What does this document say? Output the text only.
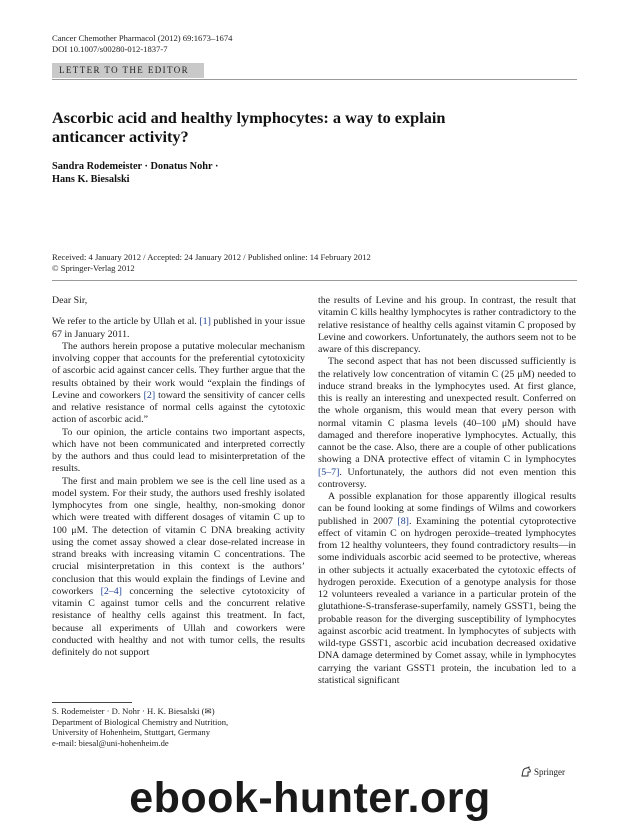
Cancer Chemother Pharmacol (2012) 69:1673–1674
DOI 10.1007/s00280-012-1837-7
LETTER TO THE EDITOR
Ascorbic acid and healthy lymphocytes: a way to explain anticancer activity?
Sandra Rodemeister · Donatus Nohr ·
Hans K. Biesalski
Received: 4 January 2012 / Accepted: 24 January 2012 / Published online: 14 February 2012
© Springer-Verlag 2012

Dear Sir,

We refer to the article by Ullah et al. [1] published in your issue 67 in January 2011.

The authors herein propose a putative molecular mechanism involving copper that accounts for the preferential cytotoxicity of ascorbic acid against cancer cells. They further argue that the results obtained by their work would “explain the findings of Levine and coworkers [2] toward the sensitivity of cancer cells and relative resistance of normal cells against the cytotoxic action of ascorbic acid.”

To our opinion, the article contains two important aspects, which have not been communicated and interpreted correctly by the authors and thus could lead to misinterpretation of the results.

The first and main problem we see is the cell line used as a model system. For their study, the authors used freshly isolated lymphocytes from one single, healthy, non-smoking donor which were treated with different dosages of vitamin C up to 100 μM. The detection of vitamin C DNA breaking activity using the comet assay showed a clear dose-related increase in strand breaks with increasing vitamin C concentrations. The crucial misinterpretation in this context is the authors’ conclusion that this would explain the findings of Levine and coworkers [2–4] concerning the selective cytotoxicity of vitamin C against tumor cells and the concurrent relative resistance of healthy cells against this treatment. In fact, because all experiments of Ullah and coworkers were conducted with healthy and not with tumor cells, the results definitely do not support

the results of Levine and his group. In contrast, the result that vitamin C kills healthy lymphocytes is rather contradictory to the relative resistance of healthy cells against vitamin C proposed by Levine and coworkers. Unfortunately, the authors seem not to be aware of this discrepancy.

The second aspect that has not been discussed sufficiently is the relatively low concentration of vitamin C (25 μM) needed to induce strand breaks in the lymphocytes used. At first glance, this is really an interesting and unexpected result. Conferred on the whole organism, this would mean that every person with normal vitamin C plasma levels (40–100 μM) should have damaged and therefore inoperative lymphocytes. Actually, this cannot be the case. Also, there are a couple of other publications showing a DNA protective effect of vitamin C in lymphocytes [5–7]. Unfortunately, the authors did not even mention this controversy.

A possible explanation for those apparently illogical results can be found looking at some findings of Wilms and coworkers published in 2007 [8]. Examining the potential cytoprotective effect of vitamin C on hydrogen peroxide–treated lymphocytes from 12 healthy volunteers, they found contradictory results—in some individuals ascorbic acid seemed to be protective, whereas in other subjects it actually exacerbated the cytotoxic effects of hydrogen peroxide. Execution of a genotype analysis for those 12 volunteers revealed a variance in a particular protein of the glutathione-S-transferase-superfamily, namely GSST1, being the probable reason for the diverging susceptibility of lymphocytes against ascorbic acid treatment. In lymphocytes of subjects with wild-type GSST1, ascorbic acid incubation decreased oxidative DNA damage determined by Comet assay, while in lymphocytes carrying the variant GSST1 protein, the incubation led to a statistical significant

S. Rodemeister · D. Nohr · H. K. Biesalski (✉)
Department of Biological Chemistry and Nutrition,
University of Hohenheim, Stuttgart, Germany
e-mail: biesal@uni-hohenheim.de
Springer
ebook-hunter.org
